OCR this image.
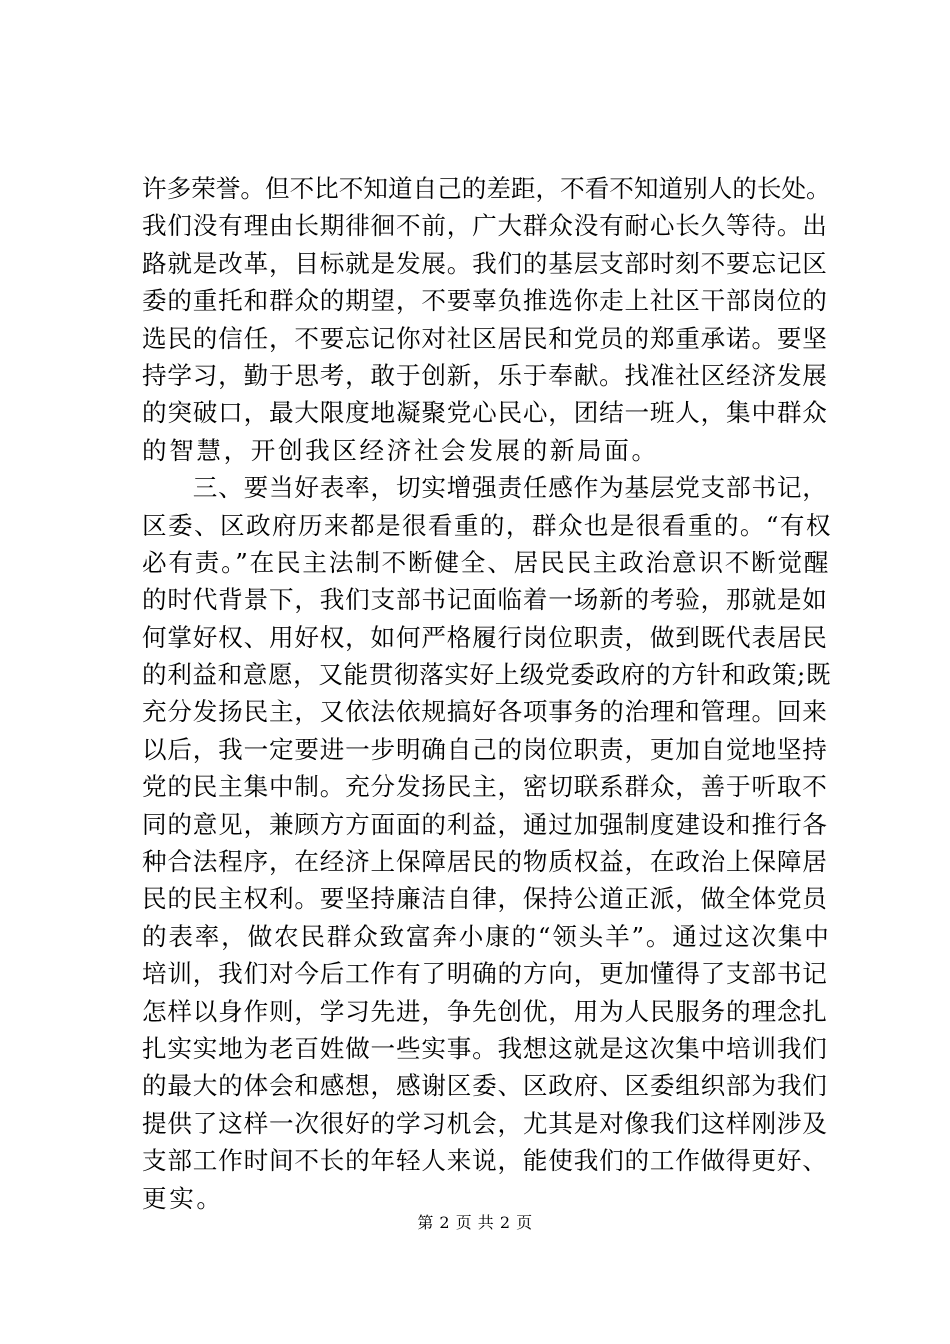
许多荣誉。但不比不知道自己的差距，不看不知道别人的长处。
我们没有理由长期徘徊不前，广大群众没有耐心长久等待。出
路就是改革，目标就是发展。我们的基层支部时刻不要忘记区
委的重托和群众的期望，不要辜负推选你走上社区干部岗位的
选民的信任，不要忘记你对社区居民和党员的郑重承诺。要坚
持学习，勤于思考，敢于创新，乐于奉献。找准社区经济发展
的突破口，最大限度地凝聚党心民心，团结一班人，集中群众
的智慧，开创我区经济社会发展的新局面。
　　三、要当好表率，切实增强责任感作为基层党支部书记，
区委、区政府历来都是很看重的，群众也是很看重的。“有权
必有责。”在民主法制不断健全、居民民主政治意识不断觉醒
的时代背景下，我们支部书记面临着一场新的考验，那就是如
何掌好权、用好权，如何严格履行岗位职责，做到既代表居民
的利益和意愿，又能贯彻落实好上级党委政府的方针和政策;既
充分发扬民主，又依法依规搞好各项事务的治理和管理。回来
以后，我一定要进一步明确自己的岗位职责，更加自觉地坚持
党的民主集中制。充分发扬民主，密切联系群众，善于听取不
同的意见，兼顾方方面面的利益，通过加强制度建设和推行各
种合法程序，在经济上保障居民的物质权益，在政治上保障居
民的民主权利。要坚持廉洁自律，保持公道正派，做全体党员
的表率，做农民群众致富奔小康的“领头羊”。通过这次集中
培训，我们对今后工作有了明确的方向，更加懂得了支部书记
怎样以身作则，学习先进，争先创优，用为人民服务的理念扎
扎实实地为老百姓做一些实事。我想这就是这次集中培训我们
的最大的体会和感想，感谢区委、区政府、区委组织部为我们
提供了这样一次很好的学习机会，尤其是对像我们这样刚涉及
支部工作时间不长的年轻人来说，能使我们的工作做得更好、
更实。
第 2 页 共 2 页
